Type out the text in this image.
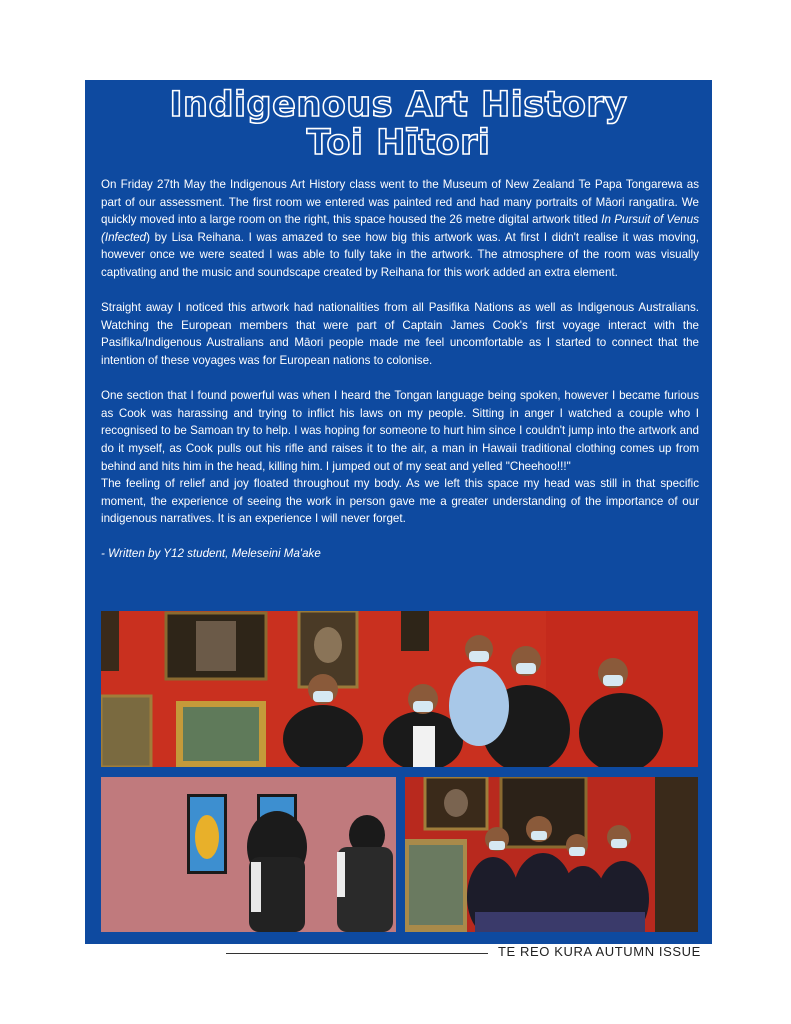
Indigenous Art History
Toi Hītori

On Friday 27th May the Indigenous Art History class went to the Museum of New Zealand Te Papa Tongarewa as part of our assessment. The first room we entered was painted red and had many portraits of Māori rangatira. We quickly moved into a large room on the right, this space housed the 26 metre digital artwork titled In Pursuit of Venus (Infected) by Lisa Reihana. I was amazed to see how big this artwork was. At first I didn't realise it was moving, however once we were seated I was able to fully take in the artwork. The atmosphere of the room was visually captivating and the music and soundscape created by Reihana for this work added an extra element.

Straight away I noticed this artwork had nationalities from all Pasifika Nations as well as Indigenous Australians. Watching the European members that were part of Captain James Cook's first voyage interact with the Pasifika/Indigenous Australians and Māori people made me feel uncomfortable as I started to connect that the intention of these voyages was for European nations to colonise.

One section that I found powerful was when I heard the Tongan language being spoken, however I became furious as Cook was harassing and trying to inflict his laws on my people. Sitting in anger I watched a couple who I recognised to be Samoan try to help. I was hoping for someone to hurt him since I couldn't jump into the artwork and do it myself, as Cook pulls out his rifle and raises it to the air, a man in Hawaii traditional clothing comes up from behind and hits him in the head, killing him. I jumped out of my seat and yelled "Cheehoo!!!"

The feeling of relief and joy floated throughout my body. As we left this space my head was still in that specific moment, the experience of seeing the work in person gave me a greater understanding of the importance of our indigenous narratives. It is an experience I will never forget.

- Written by Y12 student, Meleseini Ma'ake

TE REO KURA AUTUMN ISSUE
